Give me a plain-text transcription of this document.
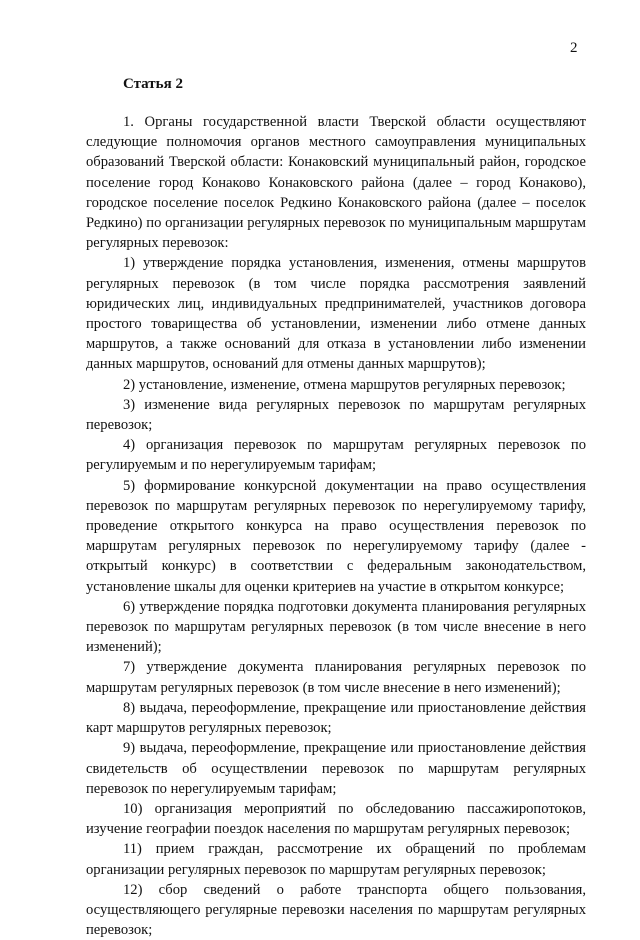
2
Статья 2

1. Органы государственной власти Тверской области осуществляют следующие полномочия органов местного самоуправления муниципальных образований Тверской области: Конаковский муниципальный район, городское поселение город Конаково Конаковского района (далее – город Конаково), городское поселение поселок Редкино Конаковского района (далее – поселок Редкино) по организации регулярных перевозок по муниципальным маршрутам регулярных перевозок:

1) утверждение порядка установления, изменения, отмены маршрутов регулярных перевозок (в том числе порядка рассмотрения заявлений юридических лиц, индивидуальных предпринимателей, участников договора простого товарищества об установлении, изменении либо отмене данных маршрутов, а также оснований для отказа в установлении либо изменении данных маршрутов, оснований для отмены данных маршрутов);

2) установление, изменение, отмена маршрутов регулярных перевозок;

3) изменение вида регулярных перевозок по маршрутам регулярных перевозок;

4) организация перевозок по маршрутам регулярных перевозок по регулируемым и по нерегулируемым тарифам;

5) формирование конкурсной документации на право осуществления перевозок по маршрутам регулярных перевозок по нерегулируемому тарифу, проведение открытого конкурса на право осуществления перевозок по маршрутам регулярных перевозок по нерегулируемому тарифу (далее - открытый конкурс) в соответствии с федеральным законодательством, установление шкалы для оценки критериев на участие в открытом конкурсе;

6) утверждение порядка подготовки документа планирования регулярных перевозок по маршрутам регулярных перевозок (в том числе внесение в него изменений);

7) утверждение документа планирования регулярных перевозок по маршрутам регулярных перевозок (в том числе внесение в него изменений);

8) выдача, переоформление, прекращение или приостановление действия карт маршрутов регулярных перевозок;

9) выдача, переоформление, прекращение или приостановление действия свидетельств об осуществлении перевозок по маршрутам регулярных перевозок по нерегулируемым тарифам;

10) организация мероприятий по обследованию пассажиропотоков, изучение географии поездок населения по маршрутам регулярных перевозок;

11) прием граждан, рассмотрение их обращений по проблемам организации регулярных перевозок по маршрутам регулярных перевозок;

12) сбор сведений о работе транспорта общего пользования, осуществляющего регулярные перевозки населения по маршрутам регулярных перевозок;
